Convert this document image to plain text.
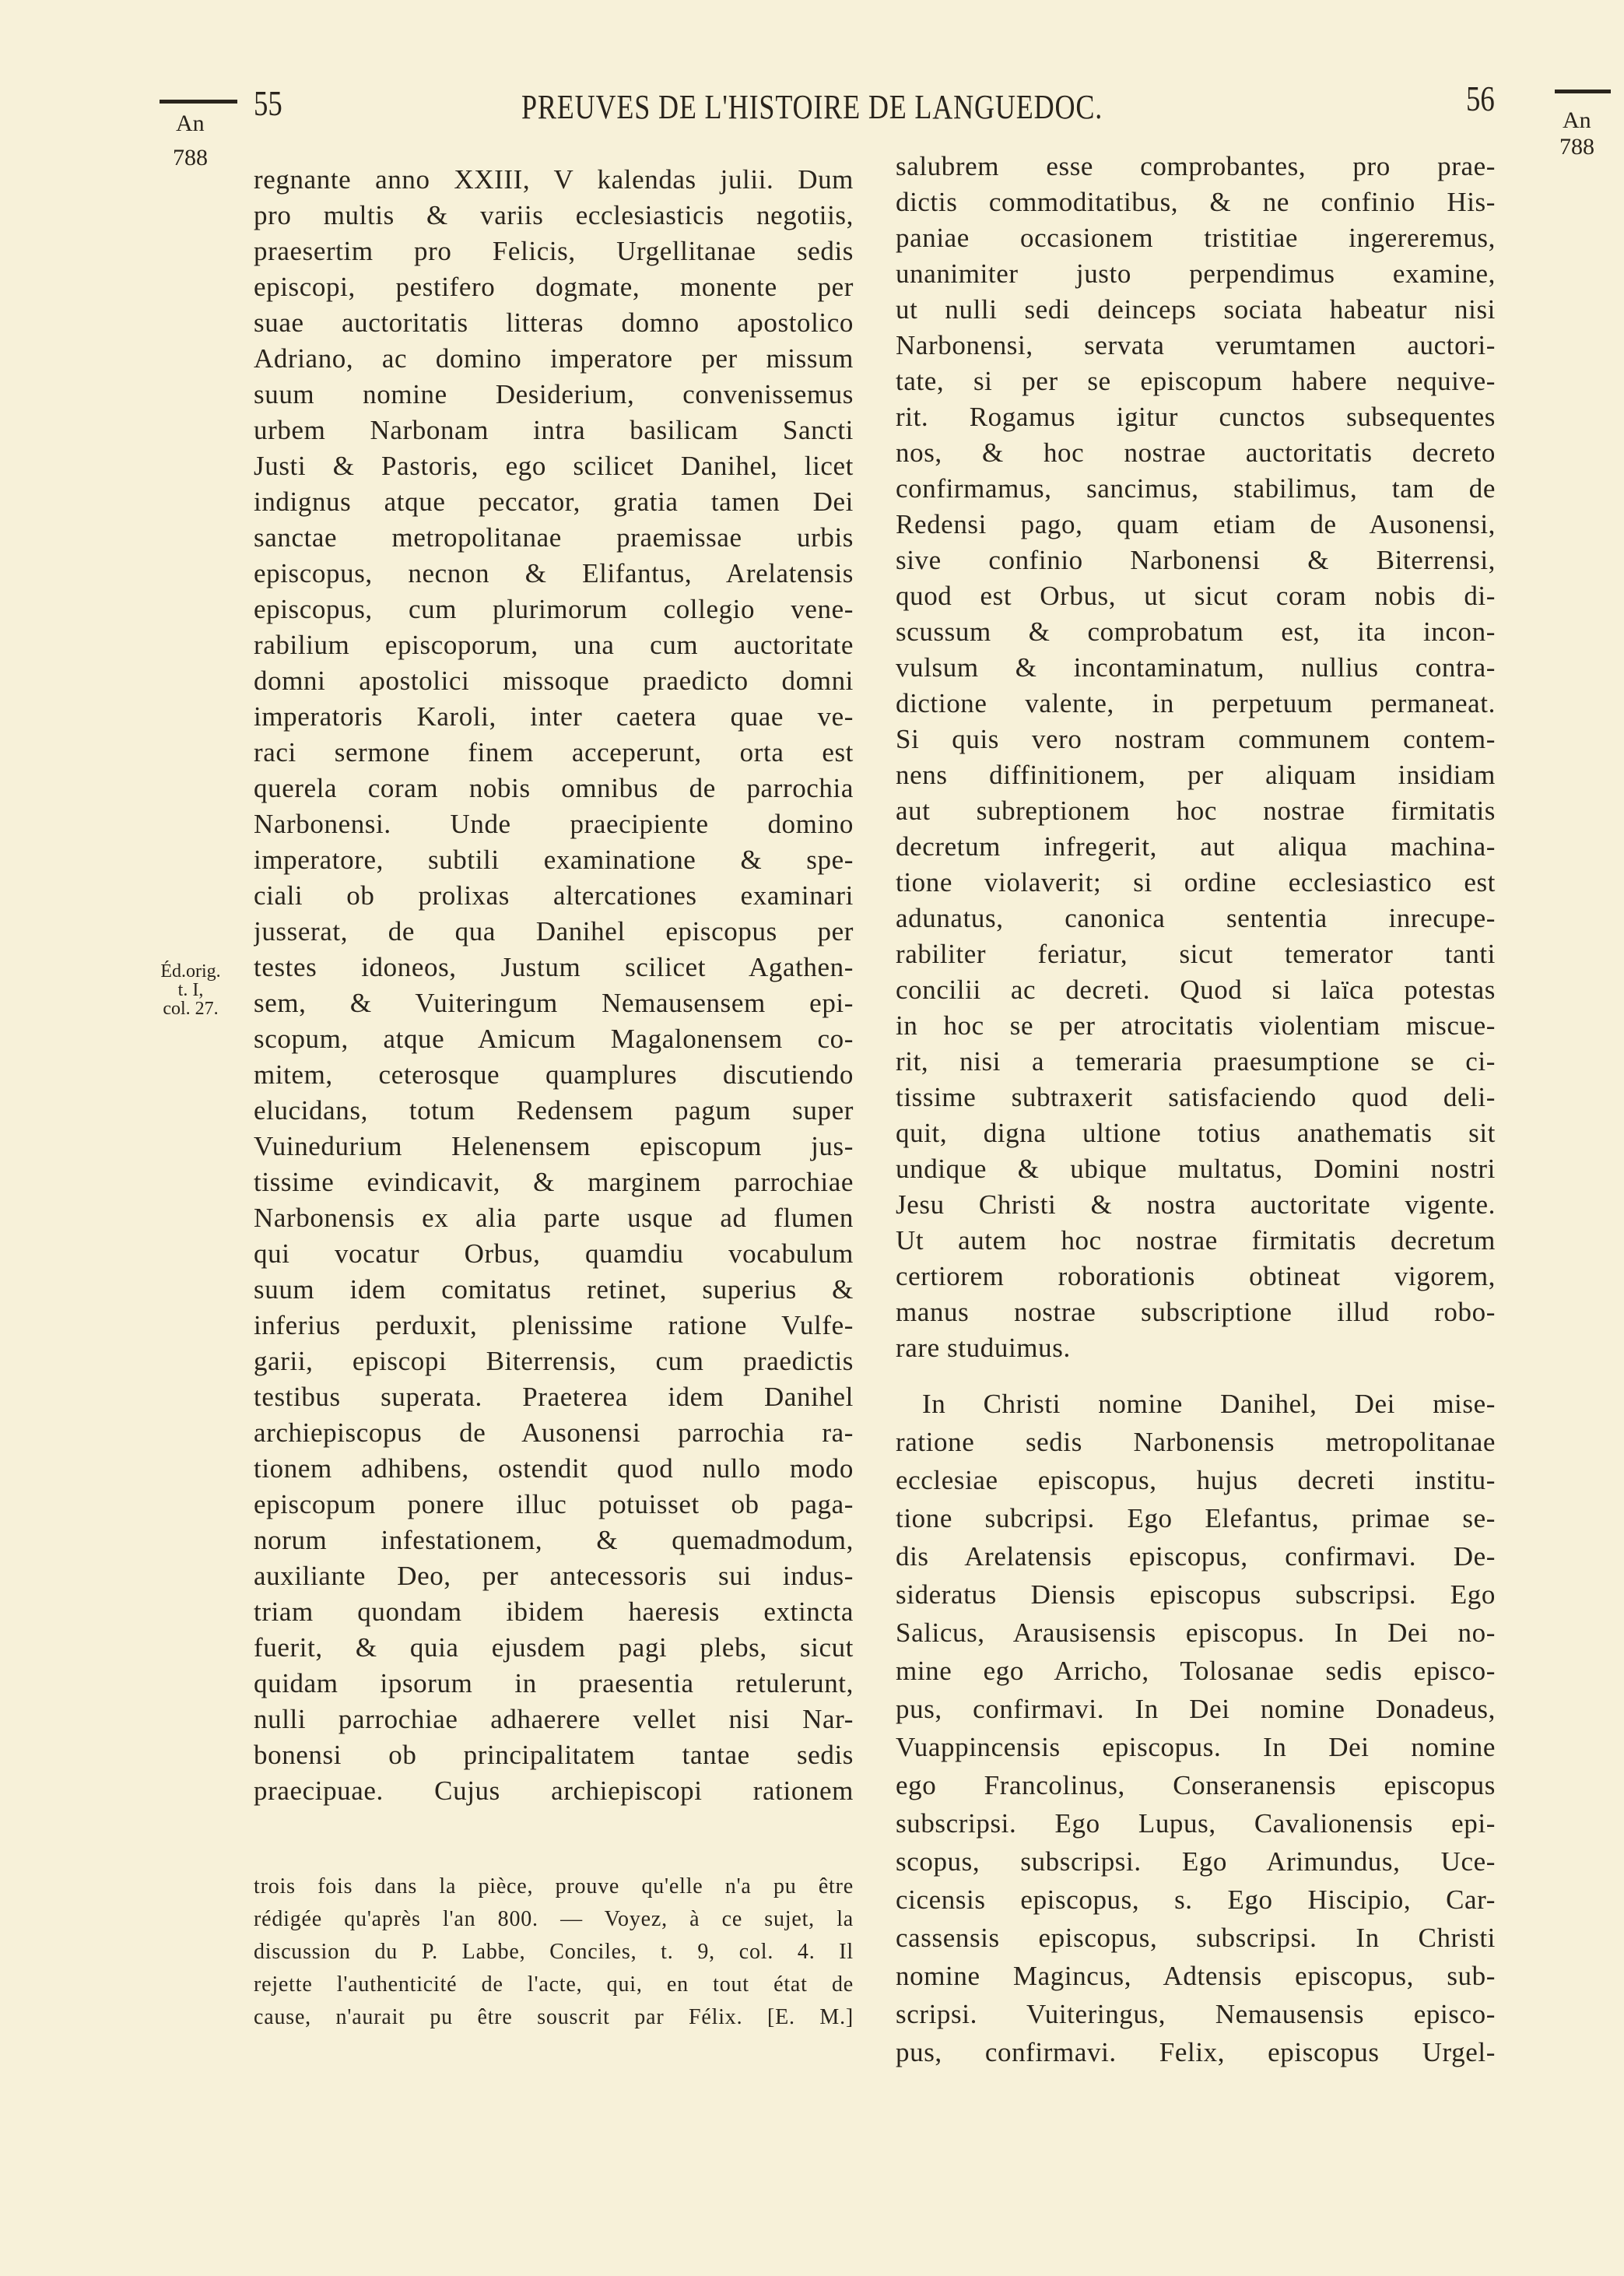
55	PREUVES DE L'HISTOIRE DE LANGUEDOC.	56
An
788
An
788
Éd.orig.
t. I,
col. 27.
regnante anno XXIII, V kalendas julii. Dum
pro multis & variis ecclesiasticis negotiis,
praesertim pro Felicis, Urgellitanae sedis
episcopi, pestifero dogmate, monente per
suae auctoritatis litteras domno apostolico
Adriano, ac domino imperatore per missum
suum nomine Desiderium, convenissemus
urbem Narbonam intra basilicam Sancti
Justi & Pastoris, ego scilicet Danihel, licet
indignus atque peccator, gratia tamen Dei
sanctae metropolitanae praemissae urbis
episcopus, necnon & Elifantus, Arelatensis
episcopus, cum plurimorum collegio vene-
rabilium episcoporum, una cum auctoritate
domni apostolici missoque praedicto domni
imperatoris Karoli, inter caetera quae ve-
raci sermone finem acceperunt, orta est
querela coram nobis omnibus de parrochia
Narbonensi. Unde praecipiente domino
imperatore, subtili examinatione & spe-
ciali ob prolixas altercationes examinari
jusserat, de qua Danihel episcopus per
testes idoneos, Justum scilicet Agathen-
sem, & Vuiteringum Nemausensem epi-
scopum, atque Amicum Magalonensem co-
mitem, ceterosque quamplures discutiendo
elucidans, totum Redensem pagum super
Vuinedurium Helenensem episcopum jus-
tissime evindicavit, & marginem parrochiae
Narbonensis ex alia parte usque ad flumen
qui vocatur Orbus, quamdiu vocabulum
suum idem comitatus retinet, superius &
inferius perduxit, plenissime ratione Vulfe-
garii, episcopi Biterrensis, cum praedictis
testibus superata. Praeterea idem Danihel
archiepiscopus de Ausonensi parrochia ra-
tionem adhibens, ostendit quod nullo modo
episcopum ponere illuc potuisset ob paga-
norum infestationem, & quemadmodum,
auxiliante Deo, per antecessoris sui indus-
triam quondam ibidem haeresis extincta
fuerit, & quia ejusdem pagi plebs, sicut
quidam ipsorum in praesentia retulerunt,
nulli parrochiae adhaerere vellet nisi Nar-
bonensi ob principalitatem tantae sedis
praecipuae. Cujus archiepiscopi rationem
trois fois dans la pièce, prouve qu'elle n'a pu être
rédigée qu'après l'an 800. — Voyez, à ce sujet, la
discussion du P. Labbe, Conciles, t. 9, col. 4. Il
rejette l'authenticité de l'acte, qui, en tout état de
cause, n'aurait pu être souscrit par Félix. [E. M.]
salubrem esse comprobantes, pro prae-
dictis commoditatibus, & ne confinio His-
paniae occasionem tristitiae ingereremus,
unanimiter justo perpendimus examine,
ut nulli sedi deinceps sociata habeatur nisi
Narbonensi, servata verumtamen auctori-
tate, si per se episcopum habere nequive-
rit. Rogamus igitur cunctos subsequentes
nos, & hoc nostrae auctoritatis decreto
confirmamus, sancimus, stabilimus, tam de
Redensi pago, quam etiam de Ausonensi,
sive confinio Narbonensi & Biterrensi,
quod est Orbus, ut sicut coram nobis di-
scussum & comprobatum est, ita incon-
vulsum & incontaminatum, nullius contra-
dictione valente, in perpetuum permaneat.
Si quis vero nostram communem contem-
nens diffinitionem, per aliquam insidiam
aut subreptionem hoc nostrae firmitatis
decretum infregerit, aut aliqua machina-
tione violaverit; si ordine ecclesiastico est
adunatus, canonica sententia inrecupe-
rabiliter feriatur, sicut temerator tanti
concilii ac decreti. Quod si laïca potestas
in hoc se per atrocitatis violentiam miscue-
rit, nisi a temeraria praesumptione se ci-
tissime subtraxerit satisfaciendo quod deli-
quit, digna ultione totius anathematis sit
undique & ubique multatus, Domini nostri
Jesu Christi & nostra auctoritate vigente.
Ut autem hoc nostrae firmitatis decretum
certiorem roborationis obtineat vigorem,
manus nostrae subscriptione illud robo-
rare studuimus.
In Christi nomine Danihel, Dei mise-
ratione sedis Narbonensis metropolitanae
ecclesiae episcopus, hujus decreti institu-
tione subcripsi. Ego Elefantus, primae se-
dis Arelatensis episcopus, confirmavi. De-
sideratus Diensis episcopus subscripsi. Ego
Salicus, Arausisensis episcopus. In Dei no-
mine ego Arricho, Tolosanae sedis episco-
pus, confirmavi. In Dei nomine Donadeus,
Vuappincensis episcopus. In Dei nomine
ego Francolinus, Conseranensis episcopus
subscripsi. Ego Lupus, Cavalionensis epi-
scopus, subscripsi. Ego Arimundus, Uce-
cicensis episcopus, s. Ego Hiscipio, Car-
cassensis episcopus, subscripsi. In Christi
nomine Magincus, Adtensis episcopus, sub-
scripsi. Vuiteringus, Nemausensis episco-
pus, confirmavi. Felix, episcopus Urgel-
